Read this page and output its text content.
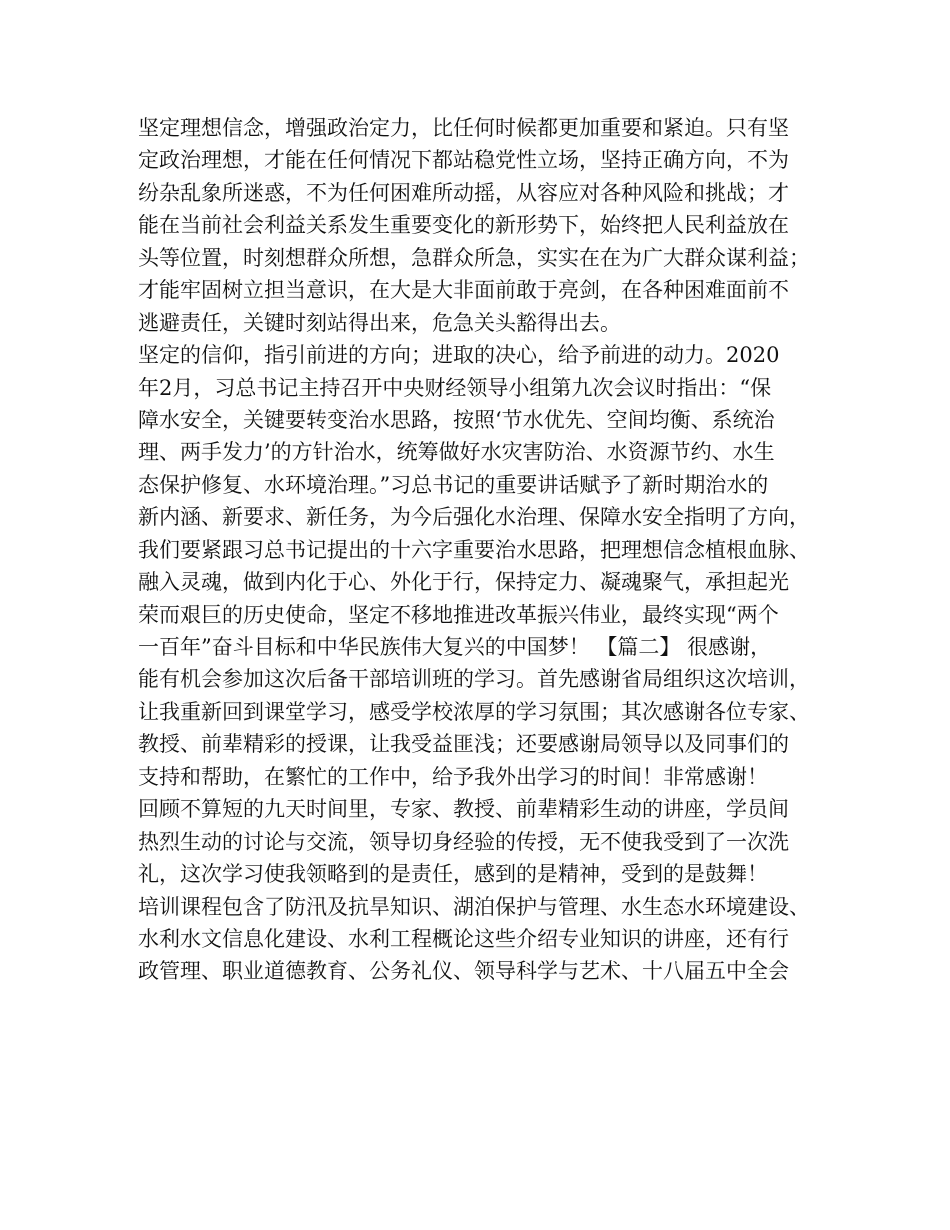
坚定理想信念，增强政治定力，比任何时候都更加重要和紧迫。只有坚
定政治理想，才能在任何情况下都站稳党性立场，坚持正确方向，不为
纷杂乱象所迷惑，不为任何困难所动摇，从容应对各种风险和挑战；才
能在当前社会利益关系发生重要变化的新形势下，始终把人民利益放在
头等位置，时刻想群众所想，急群众所急，实实在在为广大群众谋利益；
才能牢固树立担当意识，在大是大非面前敢于亮剑，在各种困难面前不
逃避责任，关键时刻站得出来，危急关头豁得出去。
坚定的信仰，指引前进的方向；进取的决心，给予前进的动力。2020
年2月，习总书记主持召开中央财经领导小组第九次会议时指出：“保
障水安全，关键要转变治水思路，按照‘节水优先、空间均衡、系统治
理、两手发力’的方针治水，统筹做好水灾害防治、水资源节约、水生
态保护修复、水环境治理。”习总书记的重要讲话赋予了新时期治水的
新内涵、新要求、新任务，为今后强化水治理、保障水安全指明了方向，
我们要紧跟习总书记提出的十六字重要治水思路，把理想信念植根血脉、
融入灵魂，做到内化于心、外化于行，保持定力、凝魂聚气，承担起光
荣而艰巨的历史使命，坚定不移地推进改革振兴伟业，最终实现“两个
一百年”奋斗目标和中华民族伟大复兴的中国梦！ 【篇二】 很感谢，
能有机会参加这次后备干部培训班的学习。首先感谢省局组织这次培训，
让我重新回到课堂学习，感受学校浓厚的学习氛围；其次感谢各位专家、
教授、前辈精彩的授课，让我受益匪浅；还要感谢局领导以及同事们的
支持和帮助，在繁忙的工作中，给予我外出学习的时间！非常感谢！
回顾不算短的九天时间里，专家、教授、前辈精彩生动的讲座，学员间
热烈生动的讨论与交流，领导切身经验的传授，无不使我受到了一次洗
礼，这次学习使我领略到的是责任，感到的是精神，受到的是鼓舞！
培训课程包含了防汛及抗旱知识、湖泊保护与管理、水生态水环境建设、
水利水文信息化建设、水利工程概论这些介绍专业知识的讲座，还有行
政管理、职业道德教育、公务礼仪、领导科学与艺术、十八届五中全会
